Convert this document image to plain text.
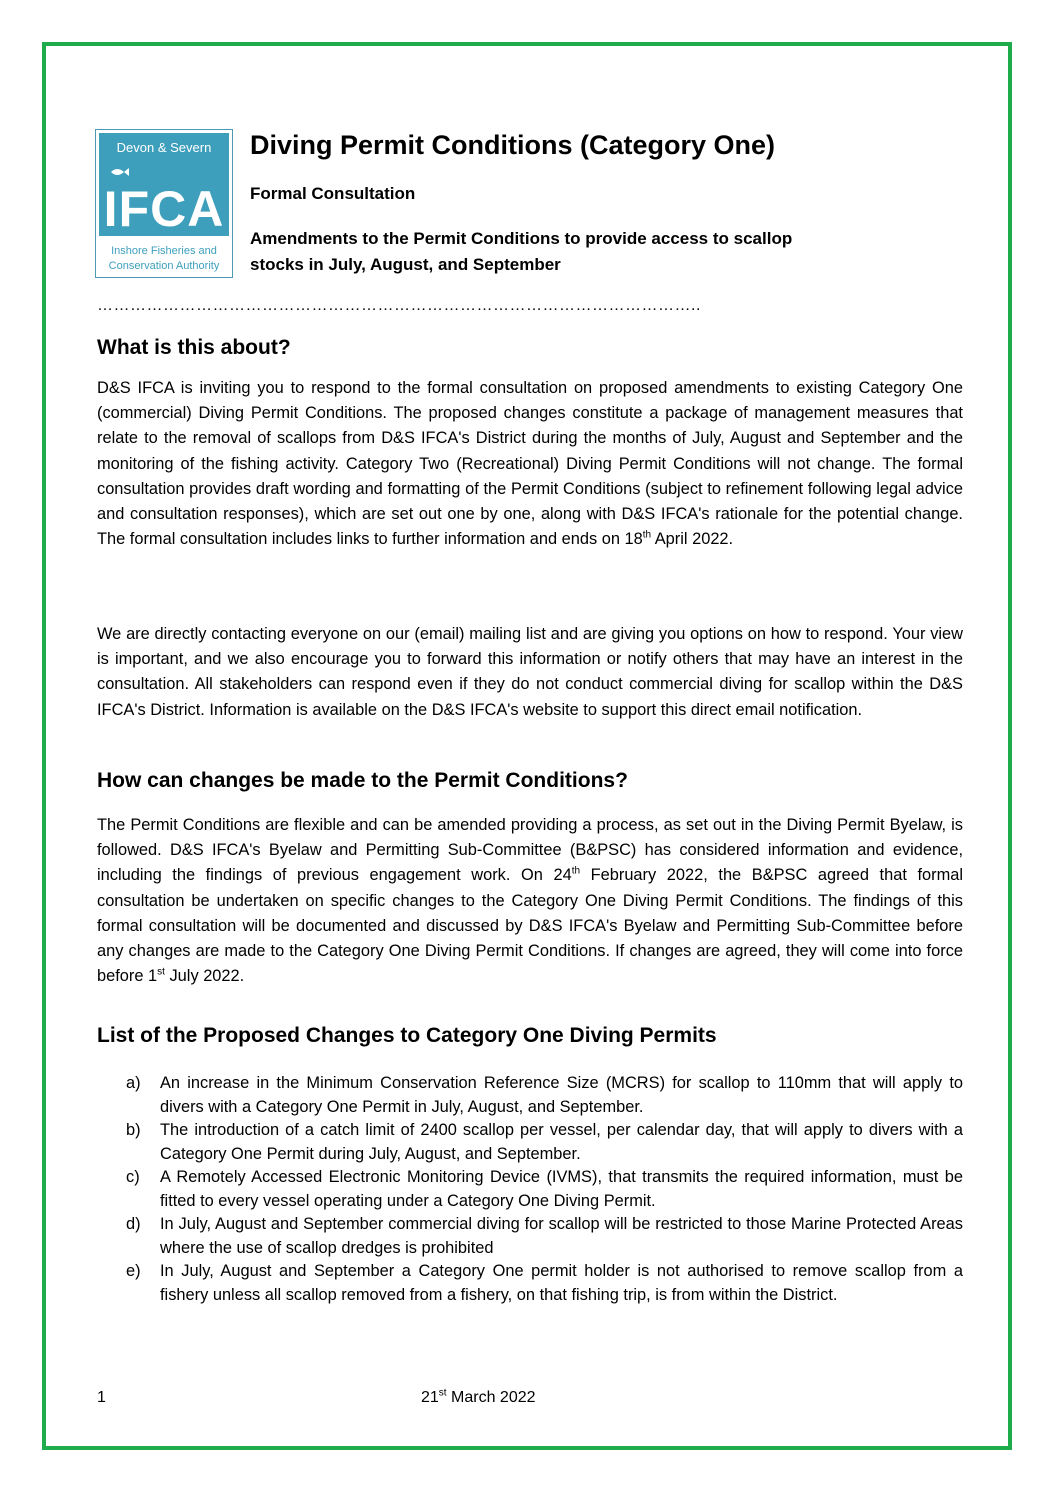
Devon & Severn
IFCA
Inshore Fisheries and
Conservation Authority
Diving Permit Conditions (Category One)

Formal Consultation

Amendments to the Permit Conditions to provide access to scallop
stocks in July, August, and September

………………………………………………………………………………………………..
What is this about?

D&S IFCA is inviting you to respond to the formal consultation on proposed amendments to existing Category One (commercial) Diving Permit Conditions. The proposed changes constitute a package of management measures that relate to the removal of scallops from D&S IFCA's District during the months of July, August and September and the monitoring of the fishing activity. Category Two (Recreational) Diving Permit Conditions will not change. The formal consultation provides draft wording and formatting of the Permit Conditions (subject to refinement following legal advice and consultation responses), which are set out one by one, along with D&S IFCA's rationale for the potential change. The formal consultation includes links to further information and ends on 18th April 2022.

We are directly contacting everyone on our (email) mailing list and are giving you options on how to respond. Your view is important, and we also encourage you to forward this information or notify others that may have an interest in the consultation. All stakeholders can respond even if they do not conduct commercial diving for scallop within the D&S IFCA's District. Information is available on the D&S IFCA's website to support this direct email notification.

How can changes be made to the Permit Conditions?

The Permit Conditions are flexible and can be amended providing a process, as set out in the Diving Permit Byelaw, is followed. D&S IFCA's Byelaw and Permitting Sub-Committee (B&PSC) has considered information and evidence, including the findings of previous engagement work. On 24th February 2022, the B&PSC agreed that formal consultation be undertaken on specific changes to the Category One Diving Permit Conditions. The findings of this formal consultation will be documented and discussed by D&S IFCA's Byelaw and Permitting Sub-Committee before any changes are made to the Category One Diving Permit Conditions. If changes are agreed, they will come into force before 1st July 2022.

List of the Proposed Changes to Category One Diving Permits
a) An increase in the Minimum Conservation Reference Size (MCRS) for scallop to 110mm that will apply to divers with a Category One Permit in July, August, and September.
b) The introduction of a catch limit of 2400 scallop per vessel, per calendar day, that will apply to divers with a Category One Permit during July, August, and September.
c) A Remotely Accessed Electronic Monitoring Device (IVMS), that transmits the required information, must be fitted to every vessel operating under a Category One Diving Permit.
d) In July, August and September commercial diving for scallop will be restricted to those Marine Protected Areas where the use of scallop dredges is prohibited
e) In July, August and September a Category One permit holder is not authorised to remove scallop from a fishery unless all scallop removed from a fishery, on that fishing trip, is from within the District.
1	21st March 2022
